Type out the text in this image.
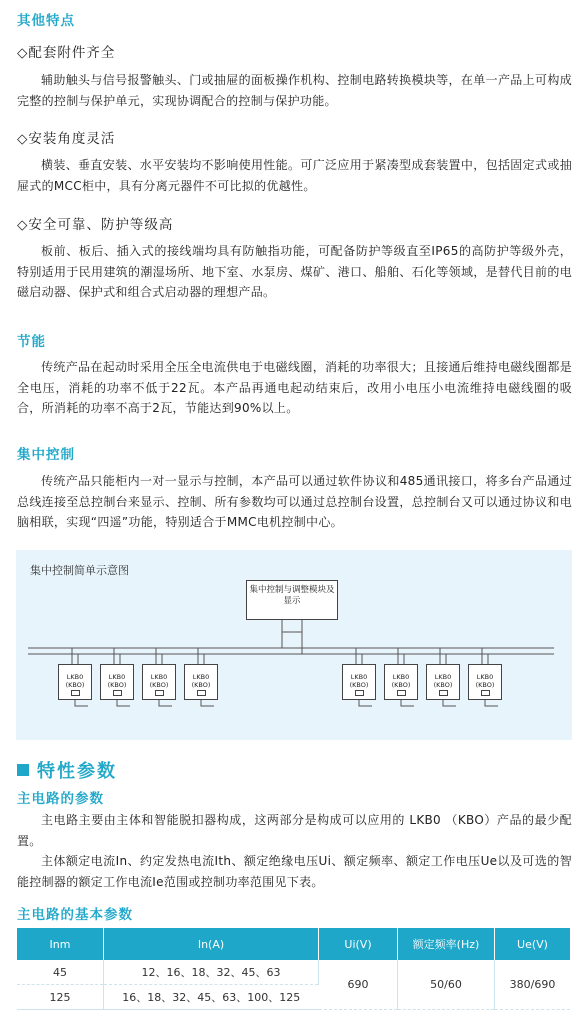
其他特点
◇配套附件齐全
辅助触头与信号报警触头、门或抽屉的面板操作机构、控制电路转换模块等，在单一产品上可构成完整的控制与保护单元，实现协调配合的控制与保护功能。
◇安装角度灵活
横装、垂直安装、水平安装均不影响使用性能。可广泛应用于紧凑型成套装置中，包括固定式或抽屉式的MCC柜中，具有分离元器件不可比拟的优越性。
◇安全可靠、防护等级高
板前、板后、插入式的接线端均具有防触指功能，可配备防护等级直至IP65的高防护等级外壳，特别适用于民用建筑的潮湿场所、地下室、水泵房、煤矿、港口、船舶、石化等领域，是替代目前的电磁启动器、保护式和组合式启动器的理想产品。
节能
传统产品在起动时采用全压全电流供电于电磁线圈，消耗的功率很大；且接通后维持电磁线圈都是全电压，消耗的功率不低于22瓦。本产品再通电起动结束后，改用小电压小电流维持电磁线圈的吸合，所消耗的功率不高于2瓦，节能达到90%以上。
集中控制
传统产品只能柜内一对一显示与控制，本产品可以通过软件协议和485通讯接口，将多台产品通过总线连接至总控制台来显示、控制、所有参数均可以通过总控制台设置，总控制台又可以通过协议和电脑相联，实现“四遥”功能，特别适合于MMC电机控制中心。
集中控制简单示意图
集中控制与调整模块及显示
LKB0
(KBO)
LKB0
(KBO)
LKB0
(KBO)
LKB0
(KBO)
LKB0
(KBO)
LKB0
(KBO)
LKB0
(KBO)
LKB0
(KBO)
特性参数
主电路的参数
主电路主要由主体和智能脱扣器构成，这两部分是构成可以应用的 LKB0 （KBO）产品的最少配置。
主体额定电流In、约定发热电流Ith、额定绝缘电压Ui、额定频率、额定工作电压Ue以及可选的智能控制器的额定工作电流Ie范围或控制功率范围见下表。
主电路的基本参数
Inm	In(A)	Ui(V)	额定频率(Hz)	Ue(V)
45	12、16、18、32、45、63	690	50/60	380/690
125	16、18、32、45、63、100、125			
